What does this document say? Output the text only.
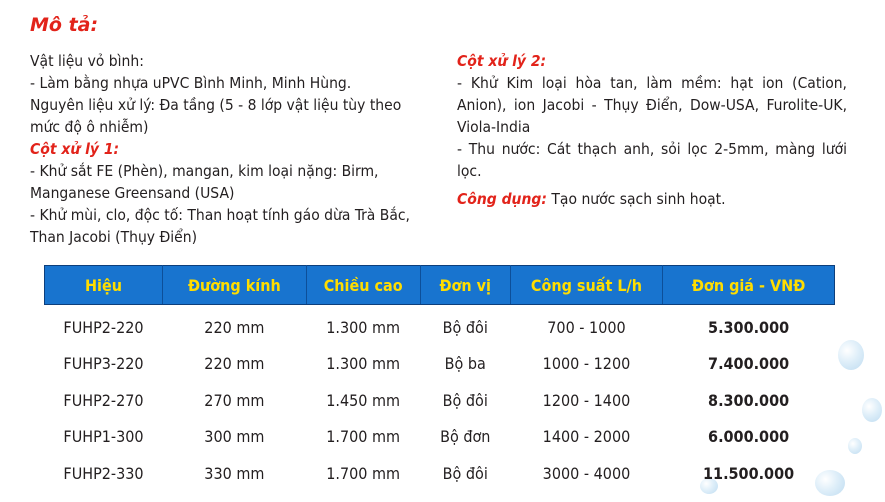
Mô tả:
Vật liệu vỏ bình:
- Làm bằng nhựa uPVC Bình Minh, Minh Hùng.
Nguyên liệu xử lý: Đa tầng (5 - 8 lớp vật liệu tùy theo mức độ ô nhiễm)
Cột xử lý 1:
- Khử sắt FE (Phèn), mangan, kim loại nặng: Birm, Manganese Greensand (USA)
- Khử mùi, clo, độc tố: Than hoạt tính gáo dừa Trà Bắc, Than Jacobi (Thụy Điển)
Cột xử lý 2:
- Khử Kim loại hòa tan, làm mềm: hạt ion (Cation, Anion), ion Jacobi - Thụy Điển, Dow-USA, Furolite-UK, Viola-India
- Thu nước: Cát thạch anh, sỏi lọc 2-5mm, màng lưới lọc.
Công dụng: Tạo nước sạch sinh hoạt.
Hiệu	Đường kính	Chiều cao	Đơn vị	Công suất L/h	Đơn giá - VNĐ
FUHP2-220	220 mm	1.300 mm	Bộ đôi	700 - 1000	5.300.000
FUHP3-220	220 mm	1.300 mm	Bộ ba	1000 - 1200	7.400.000
FUHP2-270	270 mm	1.450 mm	Bộ đôi	1200 - 1400	8.300.000
FUHP1-300	300 mm	1.700 mm	Bộ đơn	1400 - 2000	6.000.000
FUHP2-330	330 mm	1.700 mm	Bộ đôi	3000 - 4000	11.500.000
